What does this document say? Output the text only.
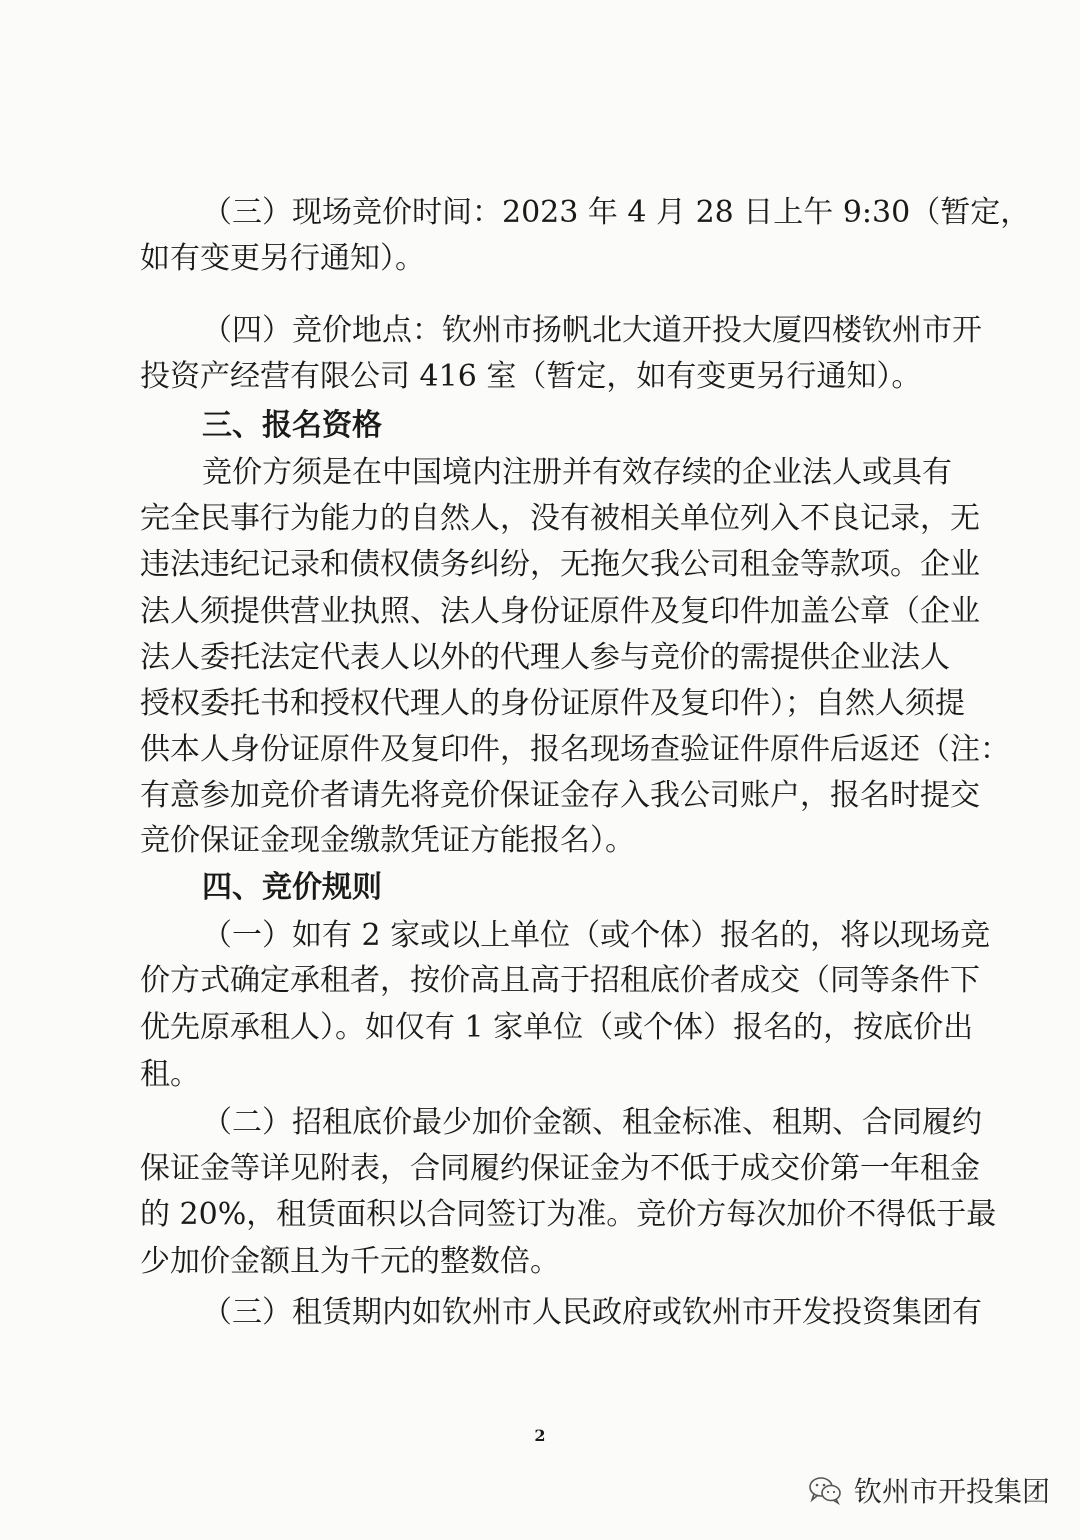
（三）现场竞价时间：2023 年 4 月 28 日上午 9:30（暂定，
如有变更另行通知）。
（四）竞价地点：钦州市扬帆北大道开投大厦四楼钦州市开
投资产经营有限公司 416 室（暂定，如有变更另行通知）。
三、报名资格
竞价方须是在中国境内注册并有效存续的企业法人或具有
完全民事行为能力的自然人，没有被相关单位列入不良记录，无
违法违纪记录和债权债务纠纷，无拖欠我公司租金等款项。企业
法人须提供营业执照、法人身份证原件及复印件加盖公章（企业
法人委托法定代表人以外的代理人参与竞价的需提供企业法人
授权委托书和授权代理人的身份证原件及复印件）；自然人须提
供本人身份证原件及复印件，报名现场查验证件原件后返还（注：
有意参加竞价者请先将竞价保证金存入我公司账户，报名时提交
竞价保证金现金缴款凭证方能报名）。
四、竞价规则
（一）如有 2 家或以上单位（或个体）报名的，将以现场竞
价方式确定承租者，按价高且高于招租底价者成交（同等条件下
优先原承租人）。如仅有 1 家单位（或个体）报名的，按底价出
租。
（二）招租底价最少加价金额、租金标准、租期、合同履约
保证金等详见附表，合同履约保证金为不低于成交价第一年租金
的 20%，租赁面积以合同签订为准。竞价方每次加价不得低于最
少加价金额且为千元的整数倍。
（三）租赁期内如钦州市人民政府或钦州市开发投资集团有
2
钦州市开投集团
